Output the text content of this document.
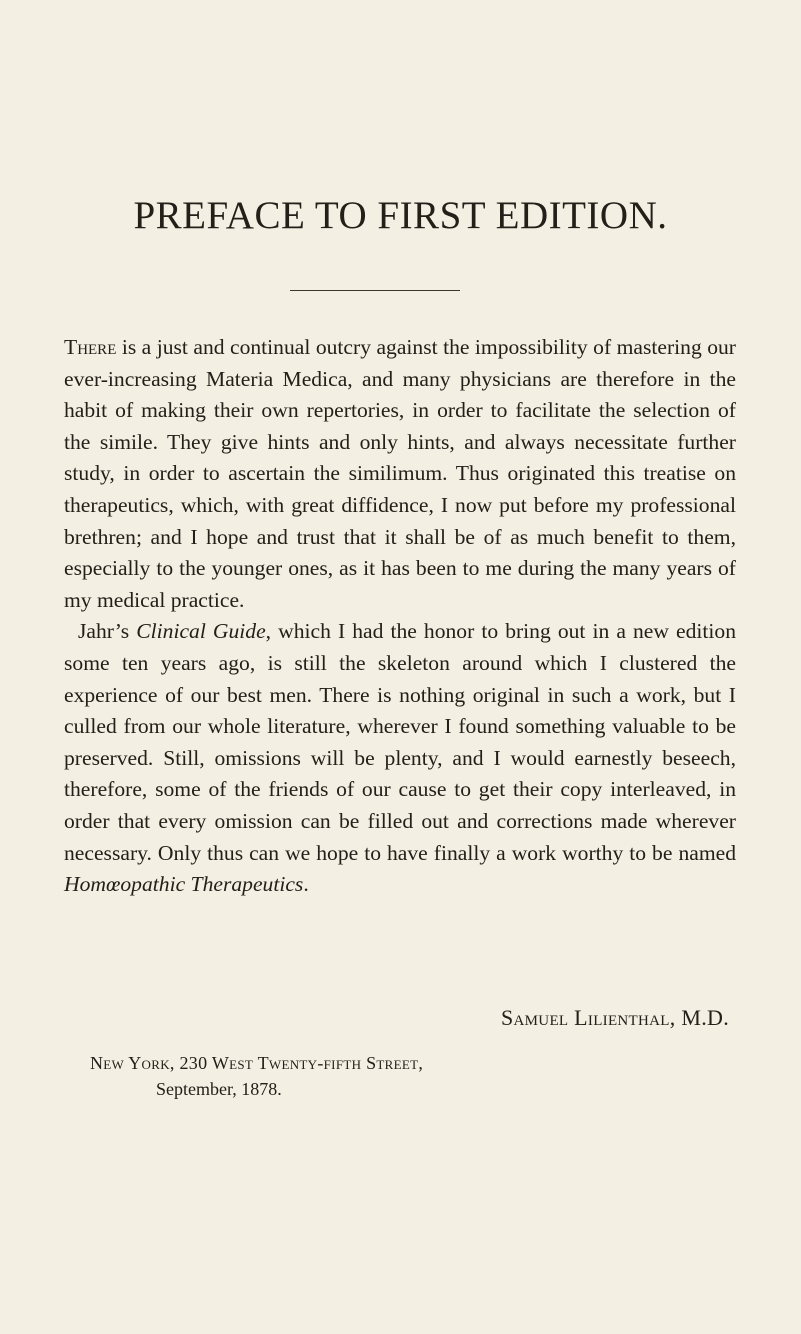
PREFACE TO FIRST EDITION.

There is a just and continual outcry against the impossibility of mastering our ever-increasing Materia Medica, and many physicians are therefore in the habit of making their own repertories, in order to facilitate the selection of the simile. They give hints and only hints, and always necessitate further study, in order to ascertain the similimum. Thus originated this treatise on therapeutics, which, with great diffidence, I now put before my professional brethren; and I hope and trust that it shall be of as much benefit to them, especially to the younger ones, as it has been to me during the many years of my medical practice.

Jahr’s Clinical Guide, which I had the honor to bring out in a new edition some ten years ago, is still the skeleton around which I clustered the experience of our best men. There is nothing original in such a work, but I culled from our whole literature, wherever I found something valuable to be preserved. Still, omissions will be plenty, and I would earnestly beseech, therefore, some of the friends of our cause to get their copy interleaved, in order that every omission can be filled out and corrections made wherever necessary. Only thus can we hope to have finally a work worthy to be named Homœopathic Therapeutics.

Samuel Lilienthal, M.D.
New York, 230 West Twenty-fifth Street,
September, 1878.
